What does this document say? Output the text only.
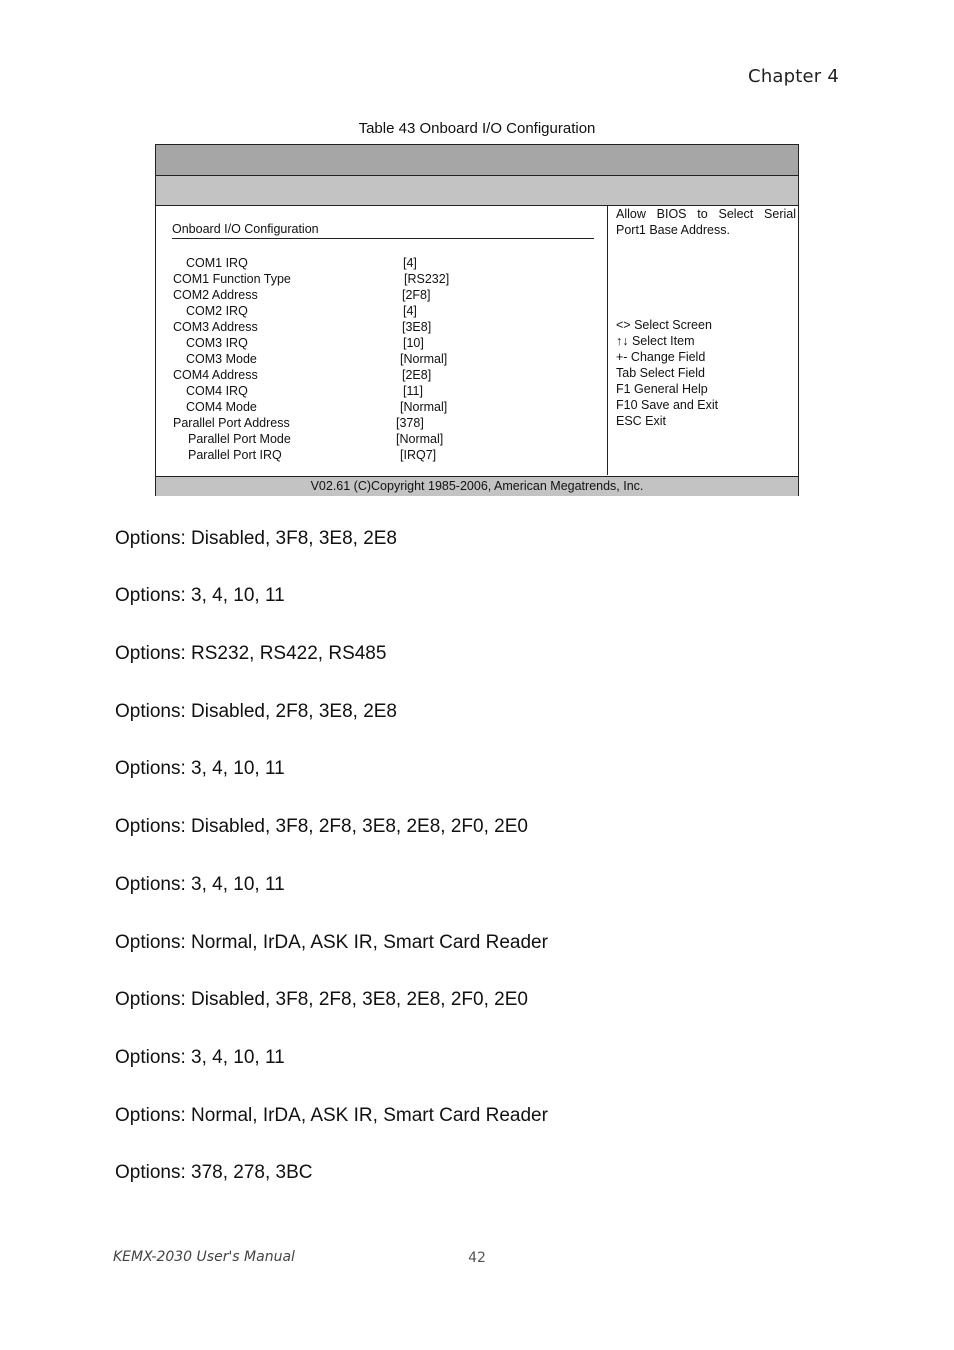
Chapter 4
Table 43 Onboard I/O Configuration
Onboard I/O Configuration
COM1 IRQ	[4]
COM1 Function Type	[RS232]
COM2 Address	[2F8]
COM2 IRQ	[4]
COM3 Address	[3E8]
COM3 IRQ	[10]
COM3 Mode	[Normal]
COM4 Address	[2E8]
COM4 IRQ	[11]
COM4 Mode	[Normal]
Parallel Port Address	[378]
Parallel Port Mode	[Normal]
Parallel Port IRQ	[IRQ7]
Allow BIOS to Select Serial Port1 Base Address.
<> Select Screen
↑↓ Select Item
+- Change Field
Tab Select Field
F1 General Help
F10 Save and Exit
ESC Exit
V02.61 (C)Copyright 1985-2006, American Megatrends, Inc.
Options: Disabled, 3F8, 3E8, 2E8
Options: 3, 4, 10, 11
Options: RS232, RS422, RS485
Options: Disabled, 2F8, 3E8, 2E8
Options: 3, 4, 10, 11
Options: Disabled, 3F8, 2F8, 3E8, 2E8, 2F0, 2E0
Options: 3, 4, 10, 11
Options: Normal, IrDA, ASK IR, Smart Card Reader
Options: Disabled, 3F8, 2F8, 3E8, 2E8, 2F0, 2E0
Options: 3, 4, 10, 11
Options: Normal, IrDA, ASK IR, Smart Card Reader
Options: 378, 278, 3BC
KEMX-2030 User's Manual	42
